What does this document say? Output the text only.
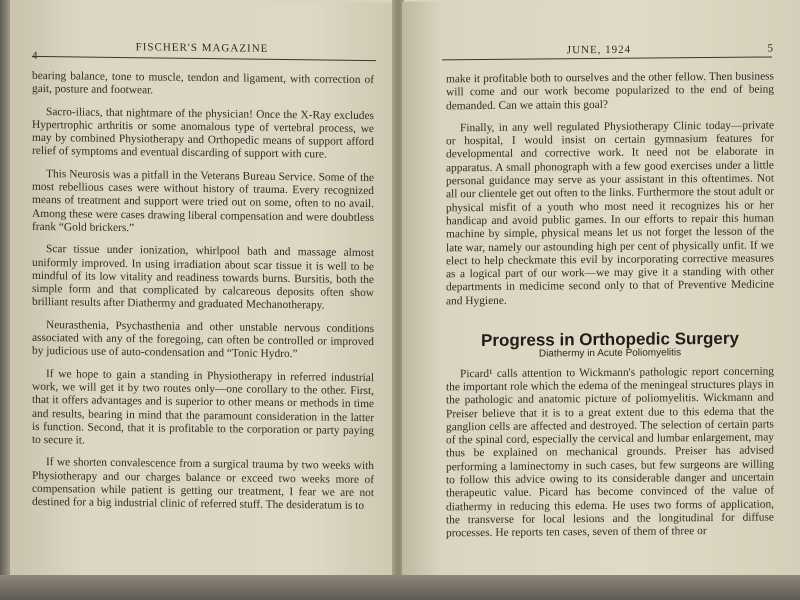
4
FISCHER'S MAGAZINE

bearing balance, tone to muscle, tendon and ligament, with correction of gait, posture and footwear.

Sacro-iliacs, that nightmare of the physician! Once the X-Ray excludes Hypertrophic arthritis or some anomalous type of vertebral process, we may by combined Physiotherapy and Orthopedic means of support afford relief of symptoms and eventual discarding of support with cure.

This Neurosis was a pitfall in the Veterans Bureau Service. Some of the most rebellious cases were without history of trauma. Every recognized means of treatment and support were tried out on some, often to no avail. Among these were cases drawing liberal compensation and were doubtless frank “Gold brickers.”

Scar tissue under ionization, whirlpool bath and massage almost uniformly improved. In using irradiation about scar tissue it is well to be mindful of its low vitality and readiness towards burns. Bursitis, both the simple form and that complicated by calcareous deposits often show brilliant results after Diathermy and graduated Mechanotherapy.

Neurasthenia, Psychasthenia and other unstable nervous conditions associated with any of the foregoing, can often be controlled or improved by judicious use of auto-condensation and “Tonic Hydro.”

If we hope to gain a standing in Physiotherapy in referred industrial work, we will get it by two routes only—one corollary to the other. First, that it offers advantages and is superior to other means or methods in time and results, bearing in mind that the paramount consideration in the latter is function. Second, that it is profitable to the corporation or party paying to secure it.

If we shorten convalescence from a surgical trauma by two weeks with Physiotherapy and our charges balance or exceed two weeks more of compensation while patient is getting our treatment, I fear we are not destined for a big industrial clinic of referred stuff. The desideratum is to

JUNE, 1924	5

make it profitable both to ourselves and the other fellow. Then business will come and our work become popularized to the end of being demanded. Can we attain this goal?

Finally, in any well regulated Physiotherapy Clinic today—private or hospital, I would insist on certain gymnasium features for developmental and corrective work. It need not be elaborate in apparatus. A small phonograph with a few good exercises under a little personal guidance may serve as your assistant in this oftentimes. Not all our clientele get out often to the links. Furthermore the stout adult or physical misfit of a youth who most need it recognizes his or her handicap and avoid public games. In our efforts to repair this human machine by simple, physical means let us not forget the lesson of the late war, namely our astounding high per cent of physically unfit. If we elect to help checkmate this evil by incorporating corrective measures as a logical part of our work—we may give it a standing with other departments in medicime second only to that of Preventive Medicine and Hygiene.

Progress in Orthopedic Surgery
Diathermy in Acute Poliomyelitis

Picard¹ calls attention to Wickmann's pathologic report concerning the important role which the edema of the meningeal structures plays in the pathologic and anatomic picture of poliomyelitis. Wickmann and Preiser believe that it is to a great extent due to this edema that the ganglion cells are affected and destroyed. The selection of certain parts of the spinal cord, especially the cervical and lumbar enlargement, may thus be explained on mechanical grounds. Preiser has advised performing a laminectomy in such cases, but few surgeons are willing to follow this advice owing to its considerable danger and uncertain therapeutic value. Picard has become convinced of the value of diathermy in reducing this edema. He uses two forms of application, the transverse for local lesions and the longitudinal for diffuse processes. He reports ten cases, seven of them of three or
